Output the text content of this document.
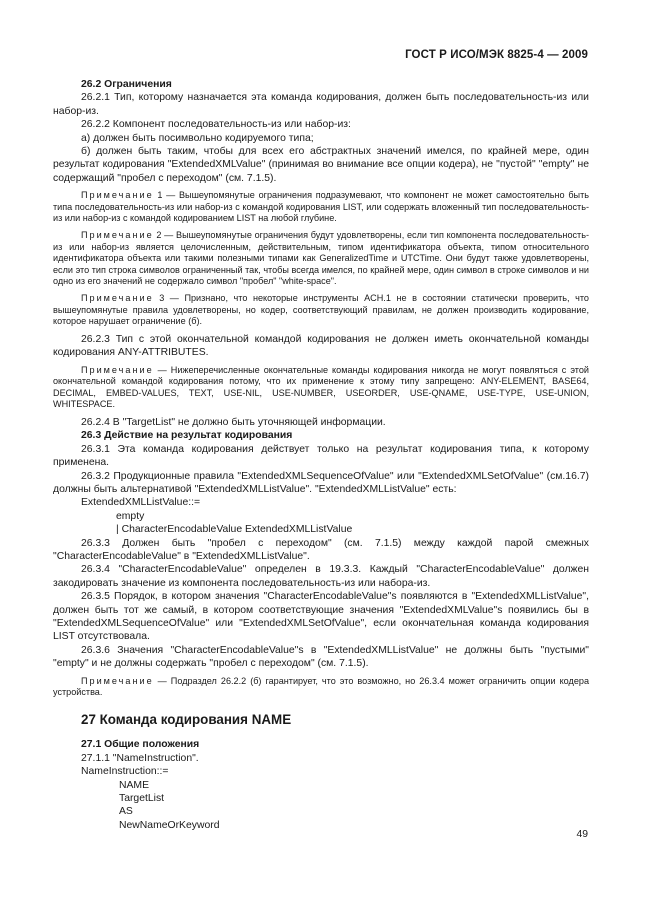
ГОСТ Р ИСО/МЭК 8825-4 — 2009

26.2 Ограничения

26.2.1 Тип, которому назначается эта команда кодирования, должен быть последовательность-из или набор-из.

26.2.2 Компонент последовательность-из или набор-из:

а) должен быть посимвольно кодируемого типа;

б) должен быть таким, чтобы для всех его абстрактных значений имелся, по крайней мере, один результат кодирования "ExtendedXMLValue" (принимая во внимание все опции кодера), не "пустой" "empty" не содержащий "пробел с переходом" (см. 7.1.5).

Примечание 1 — Вышеупомянутые ограничения подразумевают, что компонент не может самостоятельно быть типа последовательность-из или набор-из с командой кодирования LIST, или содержать вложенный тип последовательность-из или набор-из с командой кодированием LIST на любой глубине.

Примечание 2 — Вышеупомянутые ограничения будут удовлетворены, если тип компонента последовательность-из или набор-из является целочисленным, действительным, типом идентификатора объекта, типом относительного идентификатора объекта или такими полезными типами как GeneralizedTime и UTCTime. Они будут также удовлетворены, если это тип строка символов ограниченный так, чтобы всегда имелся, по крайней мере, один символ в строке символов и ни одно из его значений не содержало символ "пробел" "white-space".

Примечание 3 — Признано, что некоторые инструменты ACH.1 не в состоянии статически проверить, что вышеупомянутые правила удовлетворены, но кодер, соответствующий правилам, не должен производить кодирование, которое нарушает ограничение (б).

26.2.3 Тип с этой окончательной командой кодирования не должен иметь окончательной команды кодирования ANY-ATTRIBUTES.

Примечание — Нижеперечисленные окончательные команды кодирования никогда не могут появляться с этой окончательной командой кодирования потому, что их применение к этому типу запрещено: ANY-ELEMENT, BASE64, DECIMAL, EMBED-VALUES, TEXT, USE-NIL, USE-NUMBER, USEORDER, USE-QNAME, USE-TYPE, USE-UNION, WHITESPACE.

26.2.4 В "TargetList" не должно быть уточняющей информации.

26.3 Действие на результат кодирования

26.3.1 Эта команда кодирования действует только на результат кодирования типа, к которому применена.

26.3.2 Продукционные правила "ExtendedXMLSequenceOfValue" или "ExtendedXMLSetOfValue" (см.16.7) должны быть альтернативой "ExtendedXMLListValue". "ExtendedXMLListValue" есть:

ExtendedXMLListValue::=

empty

| CharacterEncodableValue ExtendedXMLListValue

26.3.3 Должен быть "пробел с переходом" (см. 7.1.5) между каждой парой смежных "CharacterEncodableValue" в "ExtendedXMLListValue".

26.3.4 "CharacterEncodableValue" определен в 19.3.3. Каждый "CharacterEncodableValue" должен закодировать значение из компонента последовательность-из или набора-из.

26.3.5 Порядок, в котором значения "CharacterEncodableValue"s появляются в "ExtendedXMLListValue", должен быть тот же самый, в котором соответствующие значения "ExtendedXMLValue"s появились бы в "ExtendedXMLSequenceOfValue" или "ExtendedXMLSetOfValue", если окончательная команда кодирования LIST отсутствовала.

26.3.6 Значения "CharacterEncodableValue"s в "ExtendedXMLListValue" не должны быть "пустыми" "empty" и не должны содержать "пробел с переходом" (см. 7.1.5).

Примечание — Подраздел 26.2.2 (б) гарантирует, что это возможно, но 26.3.4 может ограничить опции кодера устройства.

27 Команда кодирования NAME

27.1 Общие положения

27.1.1 "NameInstruction".

NameInstruction::=

NAME

TargetList

AS

NewNameOrKeyword

49
